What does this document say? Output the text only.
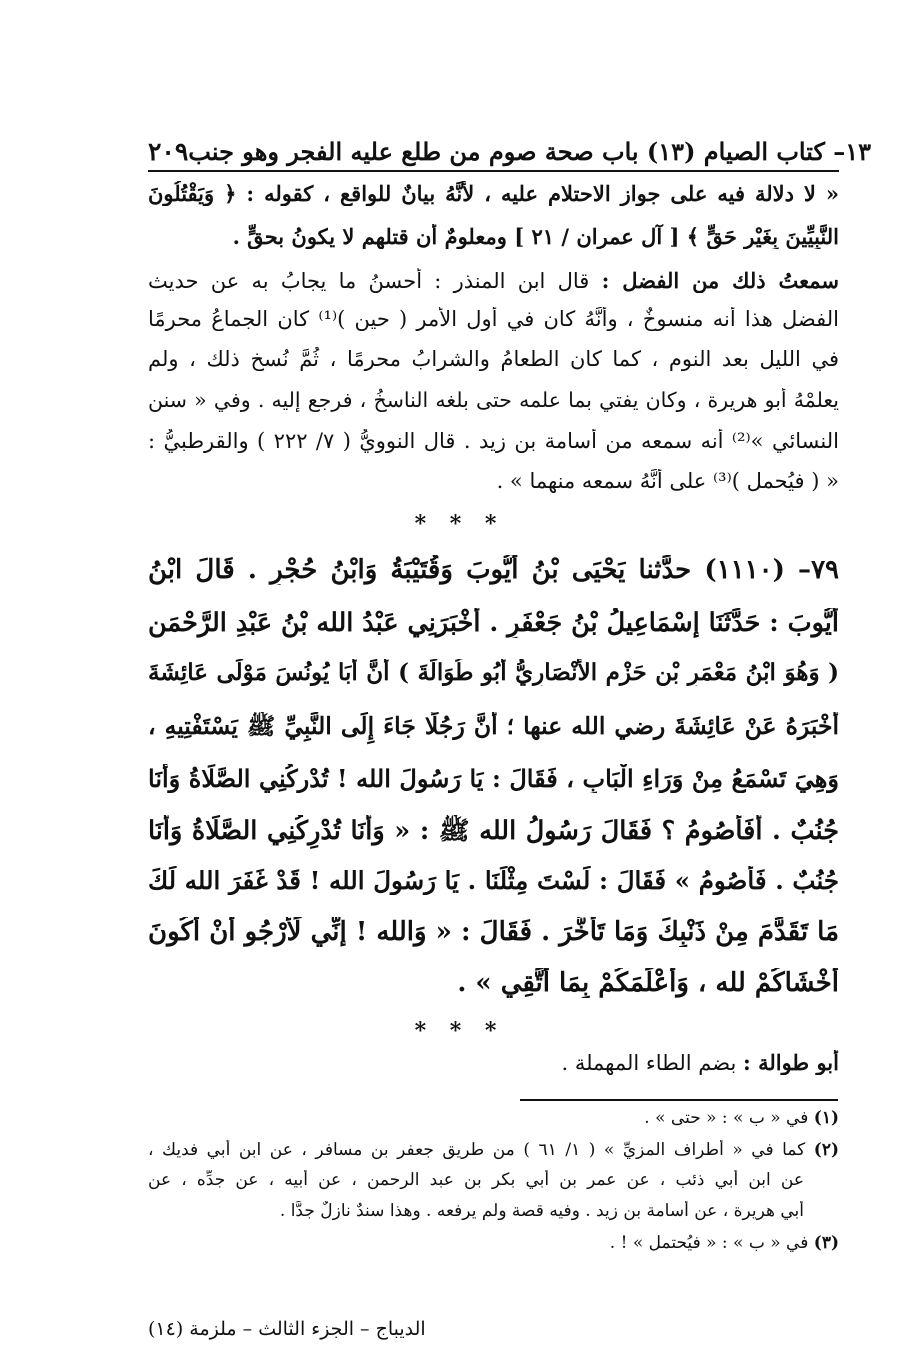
٢٠٩ ١٣– كتاب الصيام (١٣) باب صحة صوم من طلع عليه الفجر وهو جنب
« لا دلالة فيه على جواز الاحتلام عليه ، لأنَّهُ بيانٌ للواقعِ ، كقوله : ﴿ وَيَقْتُلُونَ
النَّبِيِّينَ بِغَيْرِ حَقٍّ ﴾ [ آل عمران / ٢١ ] ومعلومٌ أن قتلهم لا يكونُ بحقٍّ .
سمعتُ ذلك من الفضل : قال ابن المنذر : أحسنُ ما يجابُ به عن حديث
الفضل هذا أنه منسوخٌ ، وأنَّهُ كان في أول الأمر ( حين )⁽¹⁾ كان الجماعُ محرمًا
في الليل بعد النوم ، كما كان الطعامُ والشرابُ محرمًا ، ثُمَّ نُسخ ذلك ، ولم
يعلمْهُ أبو هريرة ، وكان يفتي بما علمه حتى بلغه الناسخُ ، فرجع إليه . وفي « سنن
النسائي »⁽²⁾ أنه سمعه من أسامة بن زيد . قال النوويُّ ( ٧/ ٢٢٢ ) والقرطبيُّ :
« ( فيُحمل )⁽³⁾ على أنَّهُ سمعه منهما » .
* * *
٧٩– (١١١٠) حدَّثنا يَحْيَى بْنُ أَيُّوبَ وَقُتَيْبَةُ وَابْنُ حُجْرٍ . قَالَ ابْنُ
أَيُّوبَ : حَدَّثَنَا إِسْمَاعِيلُ بْنُ جَعْفَرٍ . أَخْبَرَنِي عَبْدُ الله بْنُ عَبْدِ الرَّحْمَنِ
( وَهُوَ ابْنُ مَعْمَرِ بْنِ حَزْمٍ الأَنْصَارِيُّ أَبُو طُوَالَةَ ) أَنَّ أَبَا يُونُسَ مَوْلَى عَائِشَةَ
أَخْبَرَهُ عَنْ عَائِشَةَ رضي الله عنها ؛ أَنَّ رَجُلًا جَاءَ إِلَى النَّبِيِّ ﷺ يَسْتَفْتِيهِ ،
وَهِيَ تَسْمَعُ مِنْ وَرَاءِ الْبَابِ ، فَقَالَ : يَا رَسُولَ الله ! تُدْرِكُنِي الصَّلَاةُ وَأَنَا
جُنُبٌ . أَفَأَصُومُ ؟ فَقَالَ رَسُولُ الله ﷺ : « وَأَنَا تُدْرِكُنِي الصَّلَاةُ وَأَنَا
جُنُبٌ . فَأَصُومُ » فَقَالَ : لَسْتَ مِثْلَنَا . يَا رَسُولَ الله ! قَدْ غَفَرَ الله لَكَ
مَا تَقَدَّمَ مِنْ ذَنْبِكَ وَمَا تَأَخَّرَ . فَقَالَ : « وَالله ! إِنِّي لَأَرْجُو أَنْ أَكُونَ
أَخْشَاكُمْ لله ، وَأَعْلَمَكُمْ بِمَا أَتَّقِي » .
* * *
أبو طوالة : بضم الطاء المهملة .
(١) في « ب » : « حتى » .
(٢) كما في « أطراف المزيِّ » ( ١/ ٦١ ) من طريق جعفر بن مسافر ، عن ابن أبي فديك ،
عن ابن أبي ذئب ، عن عمر بن أبي بكر بن عبد الرحمن ، عن أبيه ، عن جدِّه ، عن
أبي هريرة ، عن أسامة بن زيد . وفيه قصة ولم يرفعه . وهذا سندٌ نازلٌ جدًّا .
(٣) في « ب » : « فيُحتمل » ! .
الديباج – الجزء الثالث – ملزمة (١٤)
